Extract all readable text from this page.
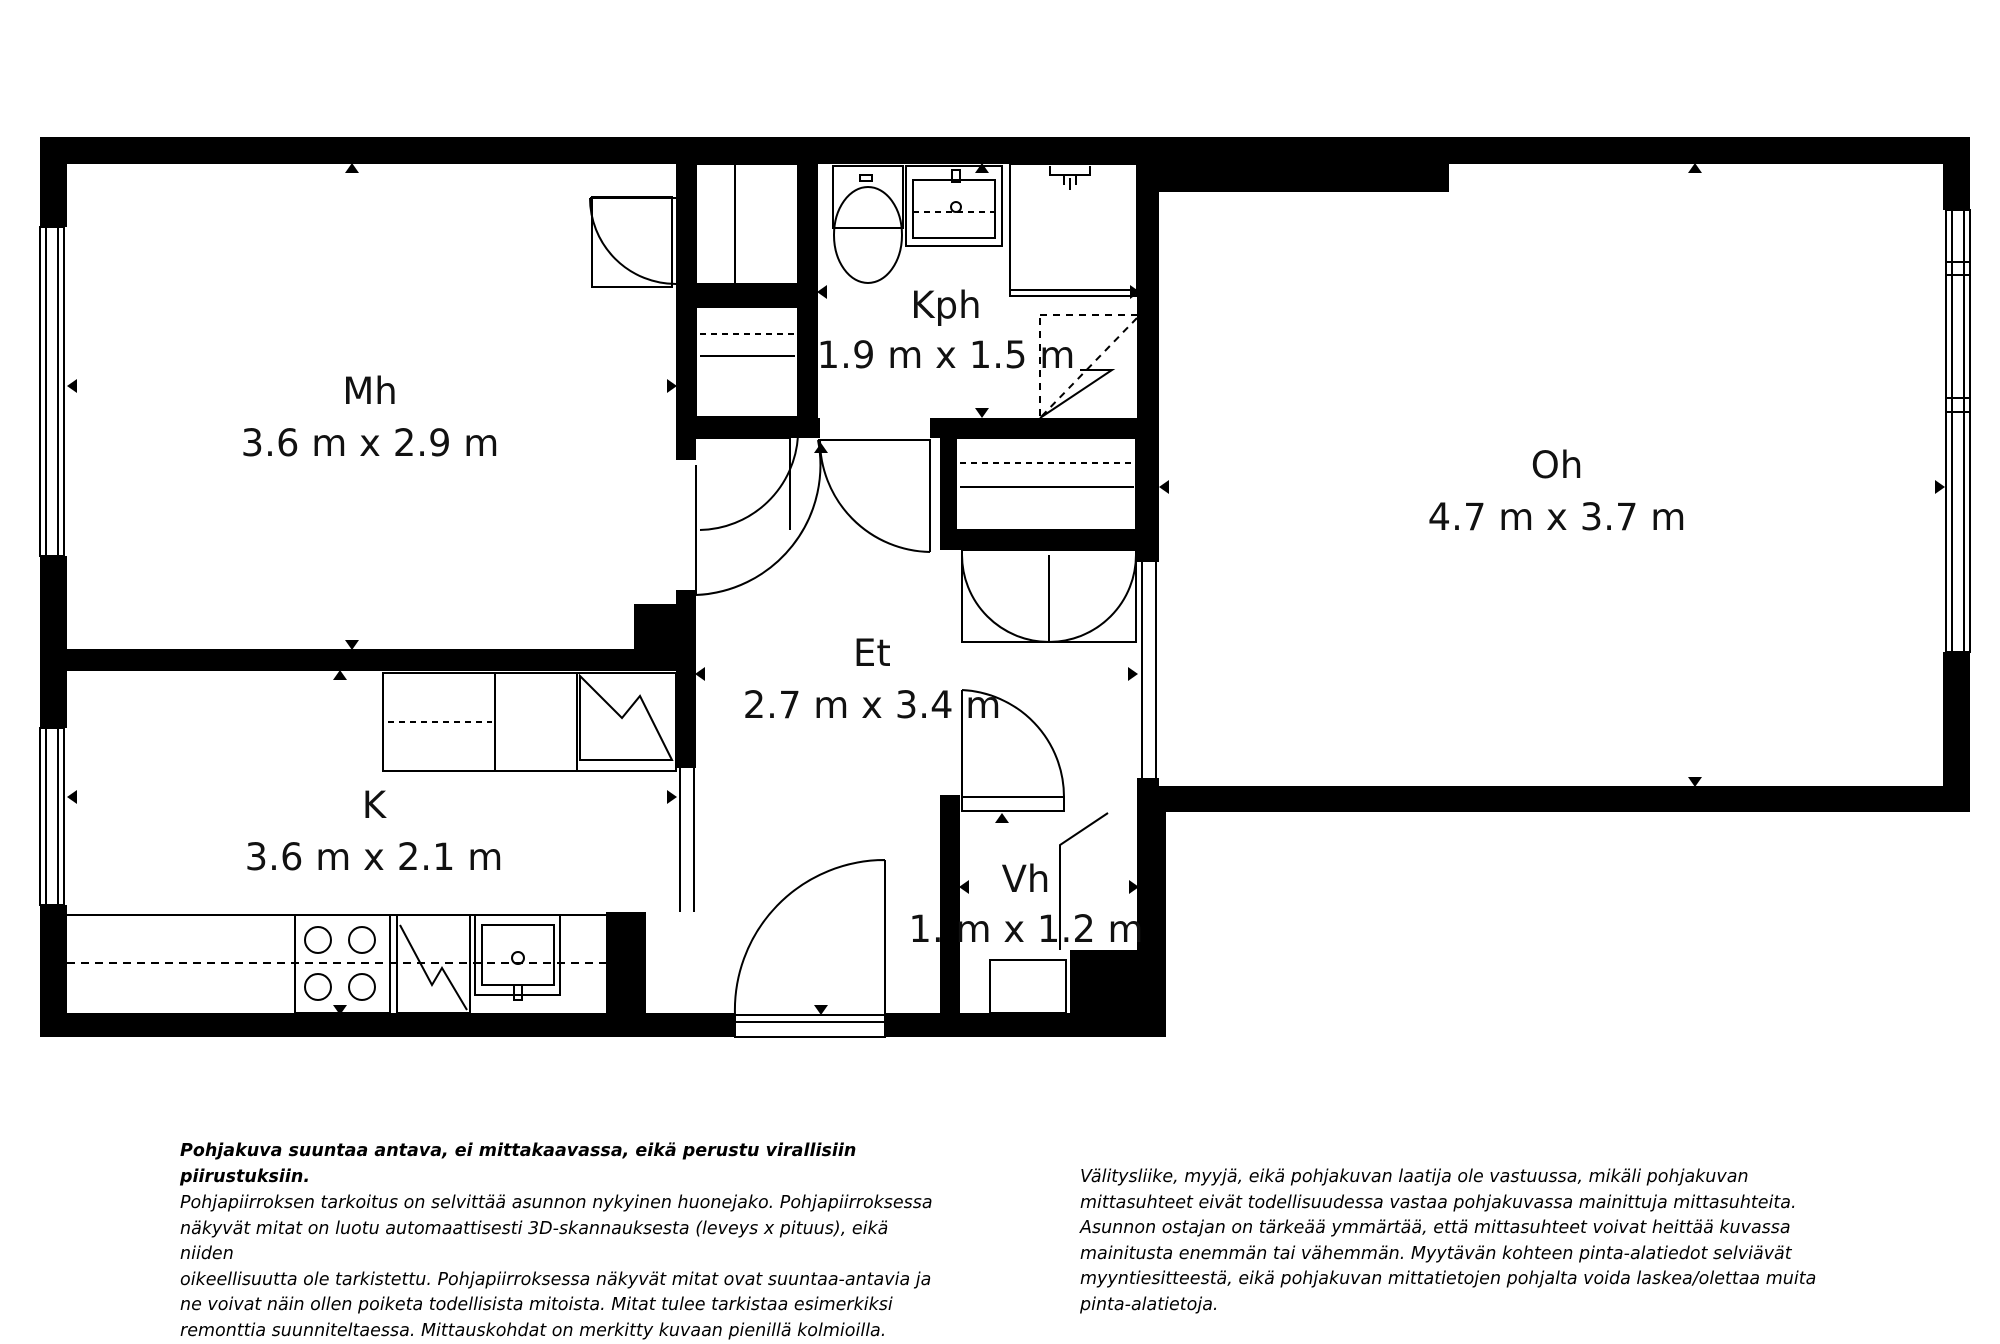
Mh
3.6 m x 2.9 m
Kph
1.9 m x 1.5 m
Oh
4.7 m x 3.7 m
Et
2.7 m x 3.4 m
K
3.6 m x 2.1 m
Vh
1. m x 1.2 m

Pohjakuva suuntaa antava, ei mittakaavassa, eikä perustu virallisiin piirustuksiin.

Pohjapiirroksen tarkoitus on selvittää asunnon nykyinen huonejako. Pohjapiirroksessa
näkyvät mitat on luotu automaattisesti 3D-skannauksesta (leveys x pituus), eikä niiden
oikeellisuutta ole tarkistettu. Pohjapiirroksessa näkyvät mitat ovat suuntaa-antavia ja
ne voivat näin ollen poiketa todellisista mitoista. Mitat tulee tarkistaa esimerkiksi
remonttia suunniteltaessa. Mittauskohdat on merkitty kuvaan pienillä kolmioilla.
Välitysliike, myyjä, eikä pohjakuvan laatija ole vastuussa, mikäli pohjakuvan
mittasuhteet eivät todellisuudessa vastaa pohjakuvassa mainittuja mittasuhteita.
Asunnon ostajan on tärkeää ymmärtää, että mittasuhteet voivat heittää kuvassa
mainitusta enemmän tai vähemmän. Myytävän kohteen pinta-alatiedot selviävät
myyntiesitteestä, eikä pohjakuvan mittatietojen pohjalta voida laskea/olettaa muita
pinta-alatietoja.
